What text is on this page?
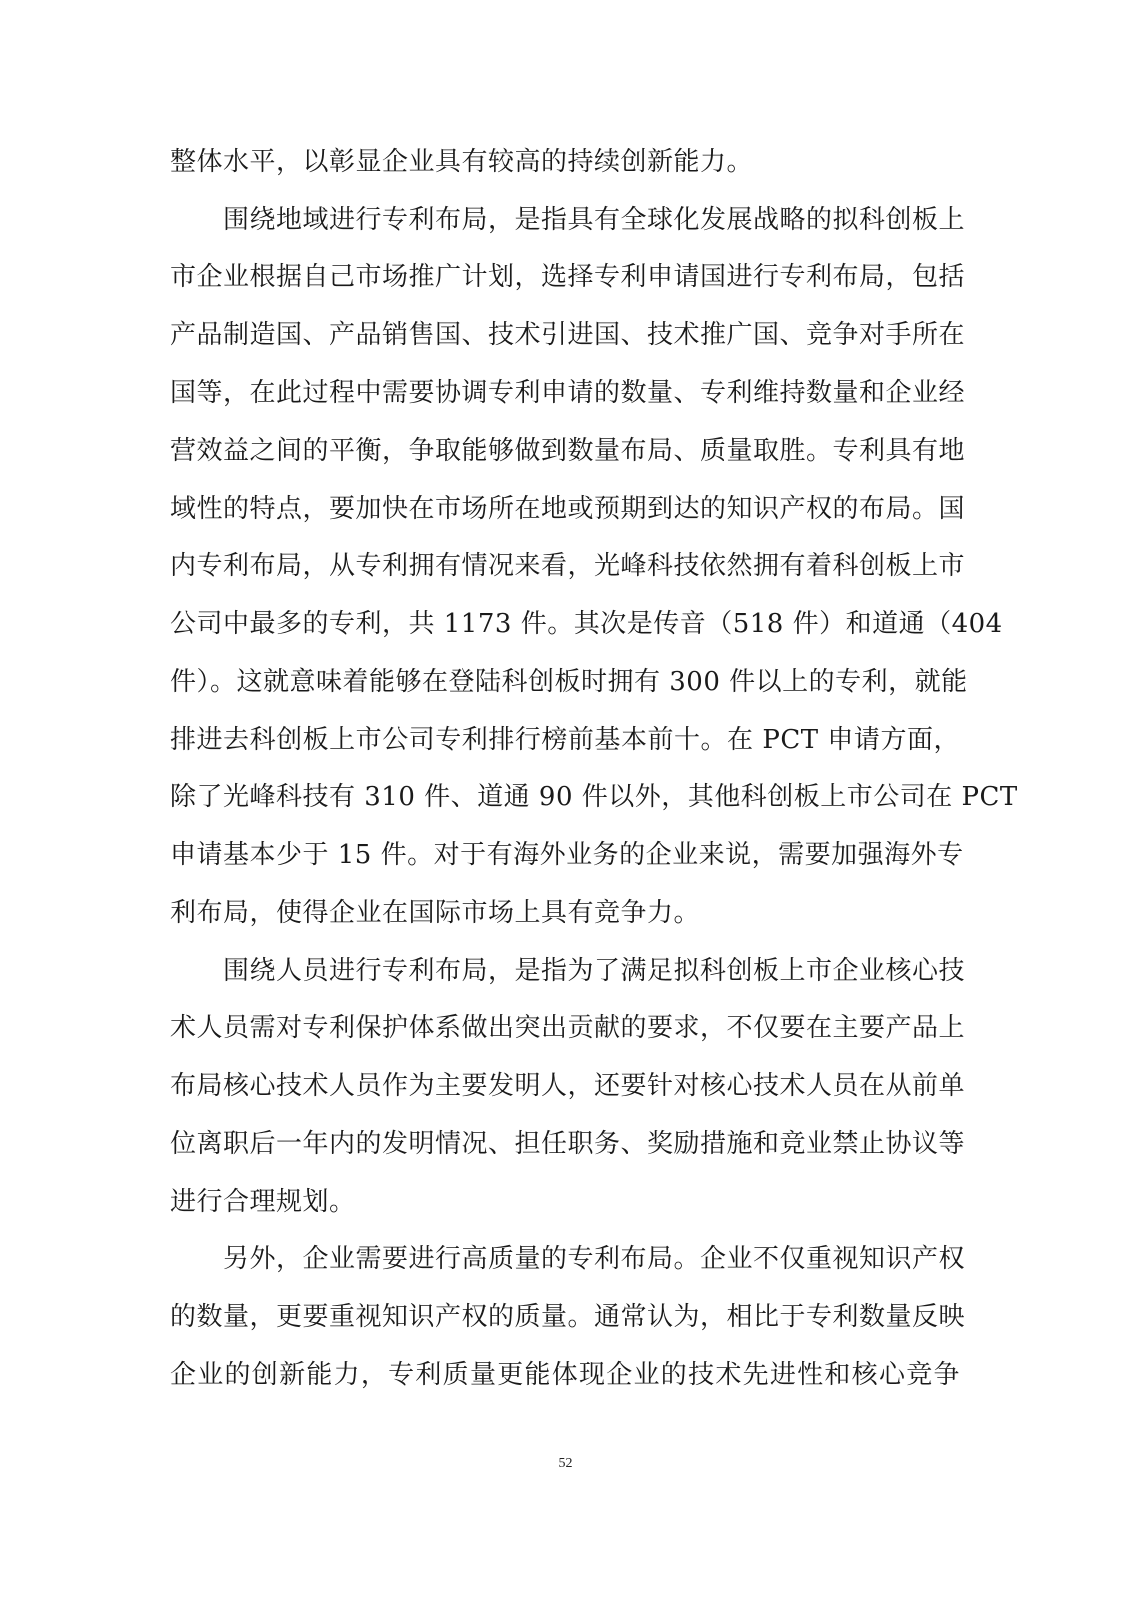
整体水平，以彰显企业具有较高的持续创新能力。
　　围绕地域进行专利布局，是指具有全球化发展战略的拟科创板上
市企业根据自己市场推广计划，选择专利申请国进行专利布局，包括
产品制造国、产品销售国、技术引进国、技术推广国、竞争对手所在
国等，在此过程中需要协调专利申请的数量、专利维持数量和企业经
营效益之间的平衡，争取能够做到数量布局、质量取胜。专利具有地
域性的特点，要加快在市场所在地或预期到达的知识产权的布局。国
内专利布局，从专利拥有情况来看，光峰科技依然拥有着科创板上市
公司中最多的专利，共 1173 件。其次是传音（518 件）和道通（404
件）。这就意味着能够在登陆科创板时拥有 300 件以上的专利，就能
排进去科创板上市公司专利排行榜前基本前十。在 PCT 申请方面，
除了光峰科技有 310 件、道通 90 件以外，其他科创板上市公司在 PCT
申请基本少于 15 件。对于有海外业务的企业来说，需要加强海外专
利布局，使得企业在国际市场上具有竞争力。
　　围绕人员进行专利布局，是指为了满足拟科创板上市企业核心技
术人员需对专利保护体系做出突出贡献的要求，不仅要在主要产品上
布局核心技术人员作为主要发明人，还要针对核心技术人员在从前单
位离职后一年内的发明情况、担任职务、奖励措施和竞业禁止协议等
进行合理规划。
　　另外，企业需要进行高质量的专利布局。企业不仅重视知识产权
的数量，更要重视知识产权的质量。通常认为，相比于专利数量反映
企业的创新能力，专利质量更能体现企业的技术先进性和核心竞争
52
